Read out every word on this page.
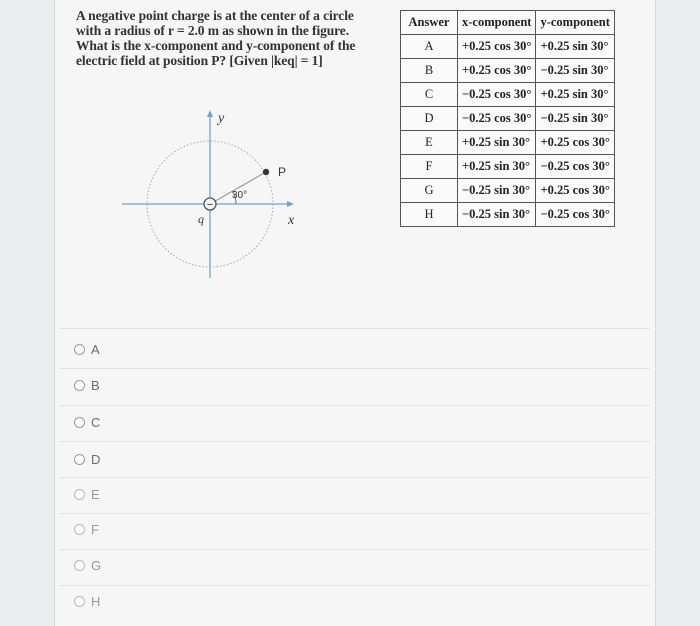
A negative point charge is at the center of a circle
with a radius of r = 2.0 m as shown in the figure.
What is the x-component and y-component of the
electric field at position P? [Given |keq| = 1]
−
y
x
P
q
30°
Answer	x-component	y-component
A	+0.25 cos 30°	+0.25 sin 30°
B	+0.25 cos 30°	−0.25 sin 30°
C	−0.25 cos 30°	+0.25 sin 30°
D	−0.25 cos 30°	−0.25 sin 30°
E	+0.25 sin 30°	+0.25 cos 30°
F	+0.25 sin 30°	−0.25 cos 30°
G	−0.25 sin 30°	+0.25 cos 30°
H	−0.25 sin 30°	−0.25 cos 30°
A
B
C
D
E
F
G
H
